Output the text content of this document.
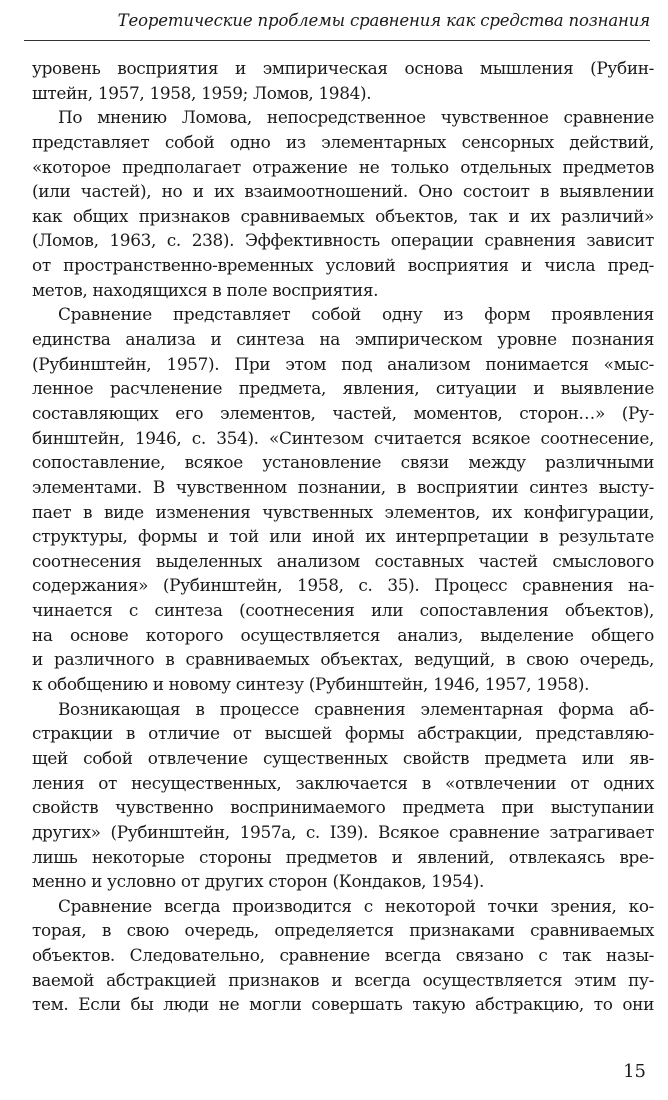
Теоретические проблемы сравнения как средства познания
уровень восприятия и эмпирическая основа мышления (Рубин-
штейн, 1957, 1958, 1959; Ломов, 1984).
По мнению Ломова, непосредственное чувственное сравнение
представляет собой одно из элементарных сенсорных действий,
«которое предполагает отражение не только отдельных предметов
(или частей), но и их взаимоотношений. Оно состоит в выявлении
как общих признаков сравниваемых объектов, так и их различий»
(Ломов, 1963, с. 238). Эффективность операции сравнения зависит
от пространственно-временных условий восприятия и числа пред-
метов, находящихся в поле восприятия.
Сравнение представляет собой одну из форм проявления
единства анализа и синтеза на эмпирическом уровне познания
(Рубинштейн, 1957). При этом под анализом понимается «мыс-
ленное расчленение предмета, явления, ситуации и выявление
составляющих его элементов, частей, моментов, сторон…» (Ру-
бинштейн, 1946, с. 354). «Синтезом считается всякое соотнесение,
сопоставление, всякое установление связи между различными
элементами. В чувственном познании, в восприятии синтез высту-
пает в виде изменения чувственных элементов, их конфигурации,
структуры, формы и той или иной их интерпретации в результате
соотнесения выделенных анализом составных частей смыслового
содержания» (Рубинштейн, 1958, с. 35). Процесс сравнения на-
чинается с синтеза (соотнесения или сопоставления объектов),
на основе которого осуществляется анализ, выделение общего
и различного в сравниваемых объектах, ведущий, в свою очередь,
к обобщению и новому синтезу (Рубинштейн, 1946, 1957, 1958).
Возникающая в процессе сравнения элементарная форма аб-
стракции в отличие от высшей формы абстракции, представляю-
щей собой отвлечение существенных свойств предмета или яв-
ления от несущественных, заключается в «отвлечении от одних
свойств чувственно воспринимаемого предмета при выступании
других» (Рубинштейн, 1957а, с. I39). Всякое сравнение затрагивает
лишь некоторые стороны предметов и явлений, отвлекаясь вре-
менно и условно от других сторон (Кондаков, 1954).
Сравнение всегда производится с некоторой точки зрения, ко-
торая, в свою очередь, определяется признаками сравниваемых
объектов. Следовательно, сравнение всегда связано с так назы-
ваемой абстракцией признаков и всегда осуществляется этим пу-
тем. Если бы люди не могли совершать такую абстракцию, то они
15
